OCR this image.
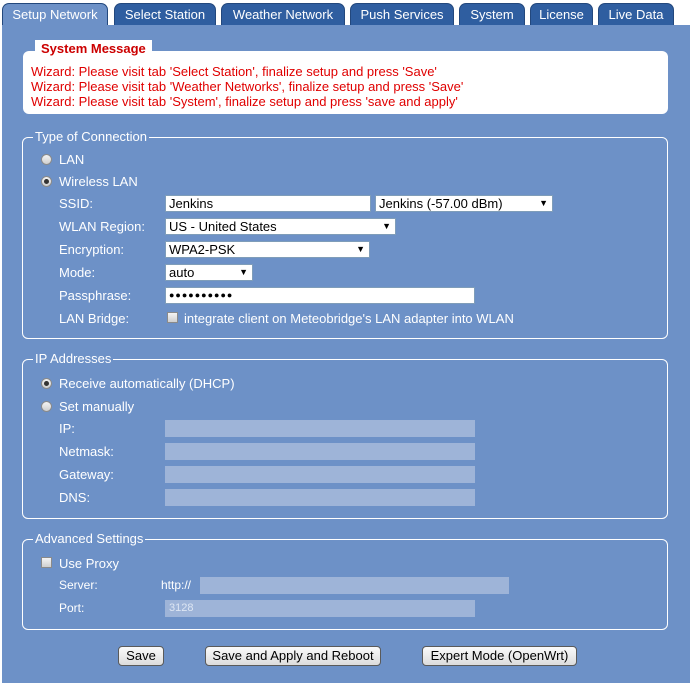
Setup Network	Select Station	Weather Network	Push Services	System	License	Live Data
System Message
Wizard: Please visit tab 'Select Station', finalize setup and press 'Save'
Wizard: Please visit tab 'Weather Networks', finalize setup and press 'Save'
Wizard: Please visit tab 'System', finalize setup and press 'save and apply'
Type of Connection
LAN
Wireless LAN
SSID:	Jenkins	Jenkins (-57.00 dBm)	▼
WLAN Region:	US - United States	▼
Encryption:	WPA2-PSK	▼
Mode:	auto	▼
Passphrase:	●●●●●●●●●●
LAN Bridge:	integrate client on Meteobridge's LAN adapter into WLAN
IP Addresses
Receive automatically (DHCP)
Set manually
IP:
Netmask:
Gateway:
DNS:
Advanced Settings
Use Proxy
Server:	http://
Port:	3128
Save	Save and Apply and Reboot	Expert Mode (OpenWrt)
